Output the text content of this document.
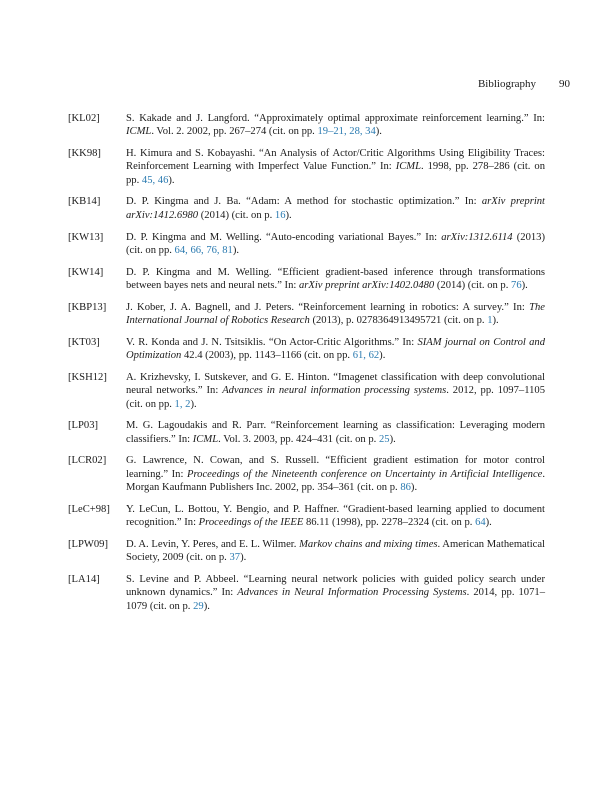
Bibliography 90
[KL02]	S. Kakade and J. Langford. “Approximately optimal approximate reinforcement learning.” In: ICML. Vol. 2. 2002, pp. 267–274 (cit. on pp. 19–21, 28, 34).
[KK98]	H. Kimura and S. Kobayashi. “An Analysis of Actor/Critic Algorithms Using Eligibility Traces: Reinforcement Learning with Imperfect Value Function.” In: ICML. 1998, pp. 278–286 (cit. on pp. 45, 46).
[KB14]	D. P. Kingma and J. Ba. “Adam: A method for stochastic optimization.” In: arXiv preprint arXiv:1412.6980 (2014) (cit. on p. 16).
[KW13]	D. P. Kingma and M. Welling. “Auto-encoding variational Bayes.” In: arXiv:1312.6114 (2013) (cit. on pp. 64, 66, 76, 81).
[KW14]	D. P. Kingma and M. Welling. “Efficient gradient-based inference through transformations between bayes nets and neural nets.” In: arXiv preprint arXiv:1402.0480 (2014) (cit. on p. 76).
[KBP13]	J. Kober, J. A. Bagnell, and J. Peters. “Reinforcement learning in robotics: A survey.” In: The International Journal of Robotics Research (2013), p. 0278364913495721 (cit. on p. 1).
[KT03]	V. R. Konda and J. N. Tsitsiklis. “On Actor-Critic Algorithms.” In: SIAM journal on Control and Optimization 42.4 (2003), pp. 1143–1166 (cit. on pp. 61, 62).
[KSH12]	A. Krizhevsky, I. Sutskever, and G. E. Hinton. “Imagenet classification with deep convolutional neural networks.” In: Advances in neural information processing systems. 2012, pp. 1097–1105 (cit. on pp. 1, 2).
[LP03]	M. G. Lagoudakis and R. Parr. “Reinforcement learning as classification: Leveraging modern classifiers.” In: ICML. Vol. 3. 2003, pp. 424–431 (cit. on p. 25).
[LCR02]	G. Lawrence, N. Cowan, and S. Russell. “Efficient gradient estimation for motor control learning.” In: Proceedings of the Nineteenth conference on Uncertainty in Artificial Intelligence. Morgan Kaufmann Publishers Inc. 2002, pp. 354–361 (cit. on p. 86).
[LeC+98]	Y. LeCun, L. Bottou, Y. Bengio, and P. Haffner. “Gradient-based learning applied to document recognition.” In: Proceedings of the IEEE 86.11 (1998), pp. 2278–2324 (cit. on p. 64).
[LPW09]	D. A. Levin, Y. Peres, and E. L. Wilmer. Markov chains and mixing times. American Mathematical Society, 2009 (cit. on p. 37).
[LA14]	S. Levine and P. Abbeel. “Learning neural network policies with guided policy search under unknown dynamics.” In: Advances in Neural Information Processing Systems. 2014, pp. 1071–1079 (cit. on p. 29).
